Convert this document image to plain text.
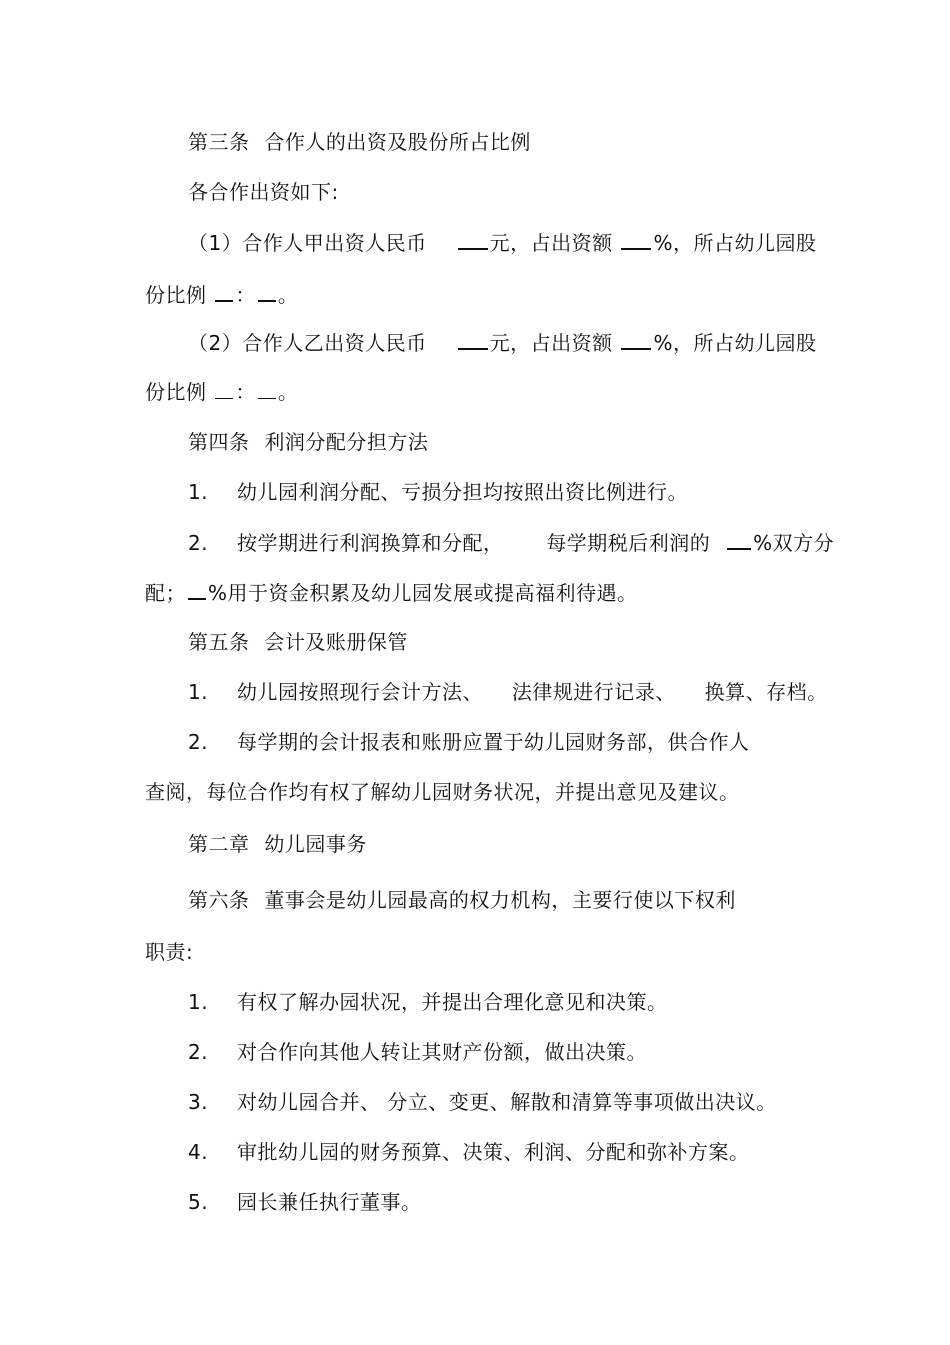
第三条 合作人的出资及股份所占比例
各合作出资如下:
（1）合作人甲出资人民币	元，占出资额 %，所占幼儿园股
份比例 ： 。
（2）合作人乙出资人民币	元，占出资额 %，所占幼儿园股
份比例 ： 。
第四条 利润分配分担方法
1. 幼儿园利润分配、亏损分担均按照出资比例进行。
2. 按学期进行利润换算和分配， 每学期税后利润的 %双方分
配； %用于资金积累及幼儿园发展或提高福利待遇。
第五条 会计及账册保管
1. 幼儿园按照现行会计方法、 法律规进行记录、 换算、存档。
2. 每学期的会计报表和账册应置于幼儿园财务部，供合作人
查阅，每位合作均有权了解幼儿园财务状况，并提出意见及建议。
第二章 幼儿园事务
第六条 董事会是幼儿园最高的权力机构，主要行使以下权利
职责:
1. 有权了解办园状况，并提出合理化意见和决策。
2. 对合作向其他人转让其财产份额，做出决策。
3. 对幼儿园合并、 分立、变更、解散和清算等事项做出决议。
4. 审批幼儿园的财务预算、决策、利润、分配和弥补方案。
5. 园长兼任执行董事。
